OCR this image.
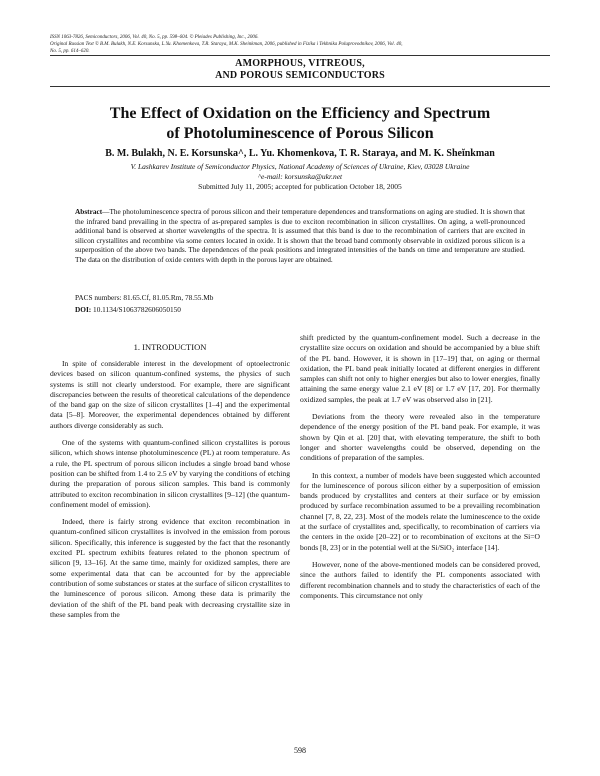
ISSN 1063-7826, Semiconductors, 2006, Vol. 40, No. 5, pp. 598–604. © Pleiades Publishing, Inc., 2006.
Original Russian Text © B.M. Bulakh, N.E. Korsunska, L.Yu. Khomenkova, T.R. Staraya, M.K. Sheinkman, 2006, published in Fizika i Tekhnika Poluprovodnikov, 2006, Vol. 40,
No. 5, pp. 614–620.
AMORPHOUS, VITREOUS,
AND POROUS SEMICONDUCTORS
The Effect of Oxidation on the Efficiency and Spectrum
of Photoluminescence of Porous Silicon
B. M. Bulakh, N. E. Korsunska^, L. Yu. Khomenkova, T. R. Staraya, and M. K. Sheĭnkman
V. Lashkarev Institute of Semiconductor Physics, National Academy of Sciences of Ukraine, Kiev, 03028 Ukraine
^e-mail: korsunska@ukr.net
Submitted July 11, 2005; accepted for publication October 18, 2005
Abstract—The photoluminescence spectra of porous silicon and their temperature dependences and transformations on aging are studied. It is shown that the infrared band prevailing in the spectra of as-prepared samples is due to exciton recombination in silicon crystallites. On aging, a well-pronounced additional band is observed at shorter wavelengths of the spectra. It is assumed that this band is due to the recombination of carriers that are excited in silicon crystallites and recombine via some centers located in oxide. It is shown that the broad band commonly observable in oxidized porous silicon is a superposition of the above two bands. The dependences of the peak positions and integrated intensities of the bands on time and temperature are studied. The data on the distribution of oxide centers with depth in the porous layer are obtained.
PACS numbers: 81.65.Cf, 81.05.Rm, 78.55.Mb
DOI: 10.1134/S1063782606050150
1. INTRODUCTION

In spite of considerable interest in the development of optoelectronic devices based on silicon quantum-confined systems, the physics of such systems is still not clearly understood. For example, there are significant discrepancies between the results of theoretical calculations of the dependence of the band gap on the size of silicon crystallites [1–4] and the experimental data [5–8]. Moreover, the experimental dependences obtained by different authors diverge considerably as such.

One of the systems with quantum-confined silicon crystallites is porous silicon, which shows intense photoluminescence (PL) at room temperature. As a rule, the PL spectrum of porous silicon includes a single broad band whose position can be shifted from 1.4 to 2.5 eV by varying the conditions of etching during the preparation of porous silicon samples. This band is commonly attributed to exciton recombination in silicon crystallites [9–12] (the quantum-confinement model of emission).

Indeed, there is fairly strong evidence that exciton recombination in quantum-confined silicon crystallites is involved in the emission from porous silicon. Specifically, this inference is suggested by the fact that the resonantly excited PL spectrum exhibits features related to the phonon spectrum of silicon [9, 13–16]. At the same time, mainly for oxidized samples, there are some experimental data that can be accounted for by the appreciable contribution of some substances or states at the surface of silicon crystallites to the luminescence of porous silicon. Among these data is primarily the deviation of the shift of the PL band peak with decreasing crystallite size in these samples from the

shift predicted by the quantum-confinement model. Such a decrease in the crystallite size occurs on oxidation and should be accompanied by a blue shift of the PL band. However, it is shown in [17–19] that, on aging or thermal oxidation, the PL band peak initially located at different energies in different samples can shift not only to higher energies but also to lower energies, finally attaining the same energy value 2.1 eV [8] or 1.7 eV [17, 20]. For thermally oxidized samples, the peak at 1.7 eV was observed also in [21].

Deviations from the theory were revealed also in the temperature dependence of the energy position of the PL band peak. For example, it was shown by Qin et al. [20] that, with elevating temperature, the shift to both longer and shorter wavelengths could be observed, depending on the conditions of preparation of the samples.

In this context, a number of models have been suggested which accounted for the luminescence of porous silicon either by a superposition of emission bands produced by crystallites and centers at their surface or by emission produced by surface recombination assumed to be a prevailing recombination channel [7, 8, 22, 23]. Most of the models relate the luminescence to the oxide at the surface of crystallites and, specifically, to recombination of carriers via the centers in the oxide [20–22] or to recombination of excitons at the Si=O bonds [8, 23] or in the potential well at the Si/SiO₂ interface [14].

However, none of the above-mentioned models can be considered proved, since the authors failed to identify the PL components associated with different recombination channels and to study the characteristics of each of the components. This circumstance not only

598
